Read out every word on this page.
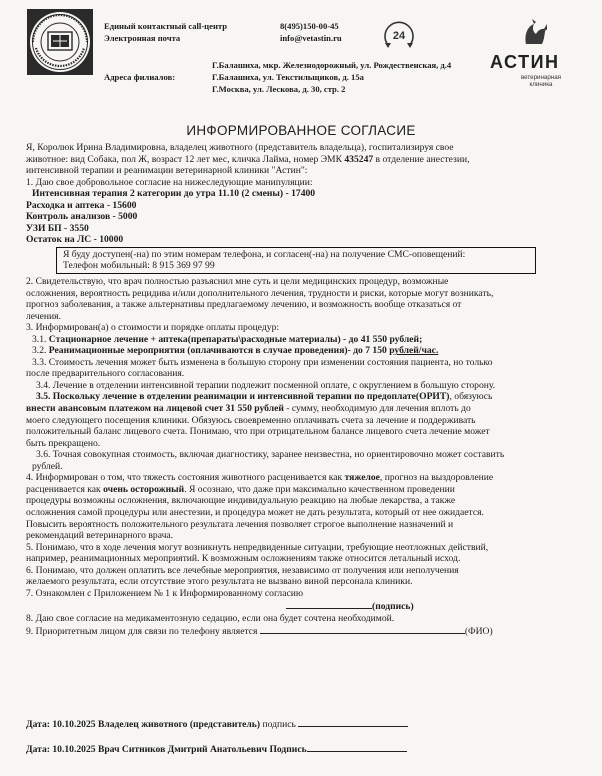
Единый контактный call-центр	8(495)150-00-45
Электронная почта	info@vetastin.ru	24
АСТИН
ветеринарная
клиника
Г.Балашиха, мкр. Железнодорожный, ул. Рождественская, д.4
Адреса филиалов:	Г.Балашиха, ул. Текстильщиков, д. 15а
Г.Москва, ул. Лескова, д. 30, стр. 2
ИНФОРМИРОВАННОЕ СОГЛАСИЕ

Я, Королюк Ирина Владимировна, владелец животного (представитель владельца), госпитализируя свое

животное: вид Собака, пол Ж, возраст 12 лет мес, кличка Лайма, номер ЭМК 435247 в отделение анестезии,

интенсивной терапии и реанимации ветеринарной клиники "Астин":

1. Даю свое добровольное согласие на нижеследующие манипуляции:

Интенсивная терапия 2 категории до утра 11.10 (2 смены) - 17400

Расходка и аптека - 15600

Контроль анализов - 5000

УЗИ БП - 3550

Остаток на ЛС - 10000

Я буду доступен(-на) по этим номерам телефона, и согласен(-на) на получение СМС-оповещений:

Телефон мобильный: 8 915 369 97 99

2. Свидетельствую, что врач полностью разъяснил мне суть и цели медицинских процедур, возможные

осложнения, вероятность рецидива и/или дополнительного лечения, трудности и риски, которые могут возникать,

прогноз заболевания, а также альтернативы предлагаемому лечению, и возможность вообще отказаться от

лечения.

3. Информирован(а) о стоимости и порядке оплаты процедур:

3.1. Стационарное лечение + аптека(препараты\расходные материалы) - до 41 550 рублей;

3.2. Реанимационные мероприятия (оплачиваются в случае проведения)- до 7 150 рублей/час.

3.3. Стоимость лечения может быть изменена в большую сторону при изменении состояния пациента, но только

после предварительного согласования.

3.4. Лечение в отделении интенсивной терапии подлежит посменной оплате, с округлением в большую сторону.

3.5. Поскольку лечение в отделении реанимации и интенсивной терапии по предоплате(ОРИТ), обязуюсь

внести авансовым платежом на лицевой счет 31 550 рублей - сумму, необходимую для лечения вплоть до

моего следующего посещения клиники. Обязуюсь своевременно оплачивать счета за лечение и поддерживать

положительный баланс лицевого счета. Понимаю, что при отрицательном балансе лицевого счета лечение может

быть прекращено.

3.6. Точная совокупная стоимость, включая диагностику, заранее неизвестна, но ориентировочно может составить

рублей.

4. Информирован о том, что тяжесть состояния животного расценивается как тяжелое, прогноз на выздоровление

расценивается как очень осторожный. Я осознаю, что даже при максимально качественном проведении

процедуры возможны осложнения, включающие индивидуальную реакцию на любые лекарства, а также

осложнения самой процедуры или анестезии, и процедура может не дать результата, который от нее ожидается.

Повысить вероятность положительного результата лечения позволяет строгое выполнение назначений и

рекомендаций ветеринарного врача.

5. Понимаю, что в ходе лечения могут возникнуть непредвиденные ситуации, требующие неотложных действий,

например, реанимационных мероприятий. К возможным осложнениям также относится летальный исход.

6. Понимаю, что должен оплатить все лечебные мероприятия, независимо от получения или неполучения

желаемого результата, если отсутствие этого результата не вызвано виной персонала клиники.

7. Ознакомлен с Приложением № 1 к Информированному согласию

(подпись)

8. Даю свое согласие на медикаментозную седацию, если она будет сочтена необходимой.

9. Приоритетным лицом для связи по телефону является	(ФИО)

Дата: 10.10.2025 Владелец животного (представитель) подпись
Дата: 10.10.2025 Врач Ситников Дмитрий Анатольевич Подпись
